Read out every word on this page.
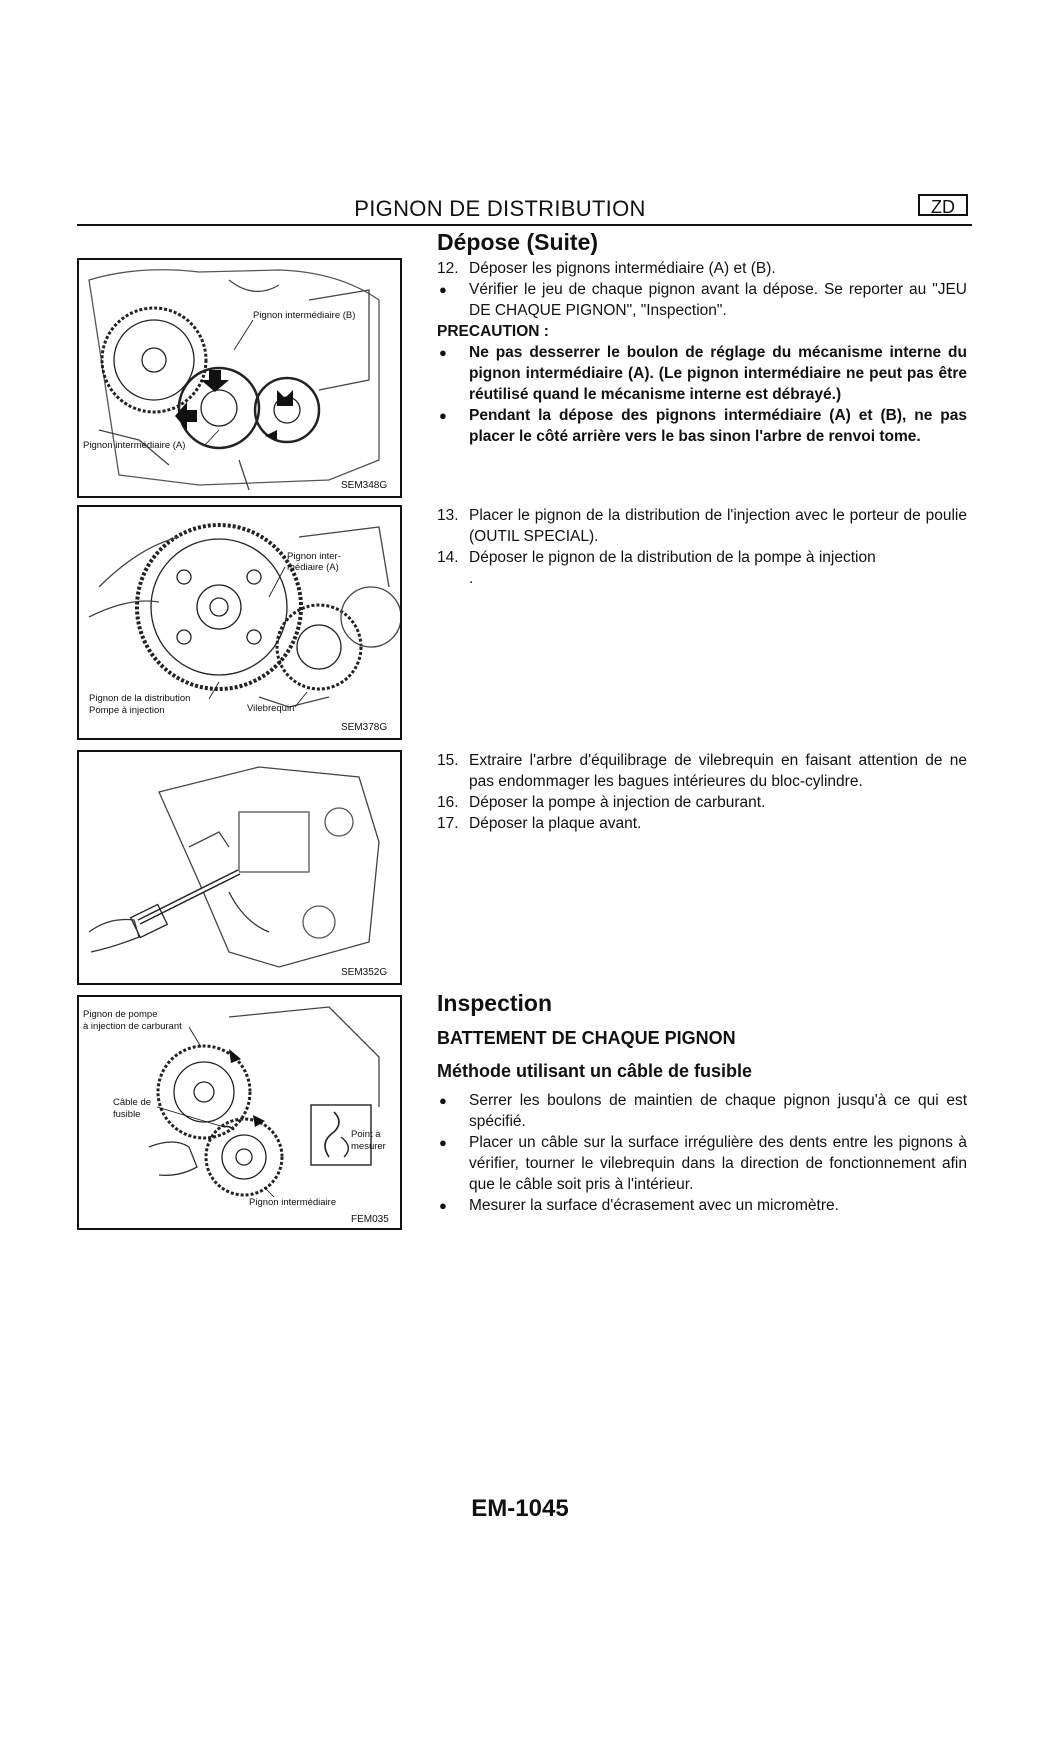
PIGNON DE DISTRIBUTION	ZD
Dépose (Suite)
12. Déposer les pignons intermédiaire (A) et (B).
●	Vérifier le jeu de chaque pignon avant la dépose. Se reporter au "JEU DE CHAQUE PIGNON", "Inspection".
PRECAUTION :
●	Ne pas desserrer le boulon de réglage du mécanisme interne du pignon intermédiaire (A). (Le pignon intermédiaire ne peut pas être réutilisé quand le mécanisme interne est débrayé.)
●	Pendant la dépose des pignons intermédiaire (A) et (B), ne pas placer le côté arrière vers le bas sinon l'arbre de renvoi tome.
13. Placer le pignon de la distribution de l'injection avec le porteur de poulie (OUTIL SPECIAL).
14. Déposer le pignon de la distribution de la pompe à injection
.
15. Extraire l'arbre d'équilibrage de vilebrequin en faisant attention de ne pas endommager les bagues intérieures du bloc-cylindre.
16. Déposer la pompe à injection de carburant.
17. Déposer la plaque avant.
Inspection
BATTEMENT DE CHAQUE PIGNON
Méthode utilisant un câble de fusible
●	Serrer les boulons de maintien de chaque pignon jusqu'à ce qui est spécifié.
●	Placer un câble sur la surface irrégulière des dents entre les pignons à vérifier, tourner le vilebrequin dans la direction de fonctionnement afin que le câble soit pris à l'intérieur.
●	Mesurer la surface d'écrasement avec un micromètre.
Pignon intermédiaire (B)
Pignon intermédiaire (A)
SEM348G
Pignon inter-
médiaire (A)
Pignon de la distribution
Pompe à injection	Vilebrequin
SEM378G
SEM352G
Pignon de pompe
à injection de carburant
Câble de
fusible
Point à
mesurer
Pignon intermédiaire
FEM035
EM-1045
